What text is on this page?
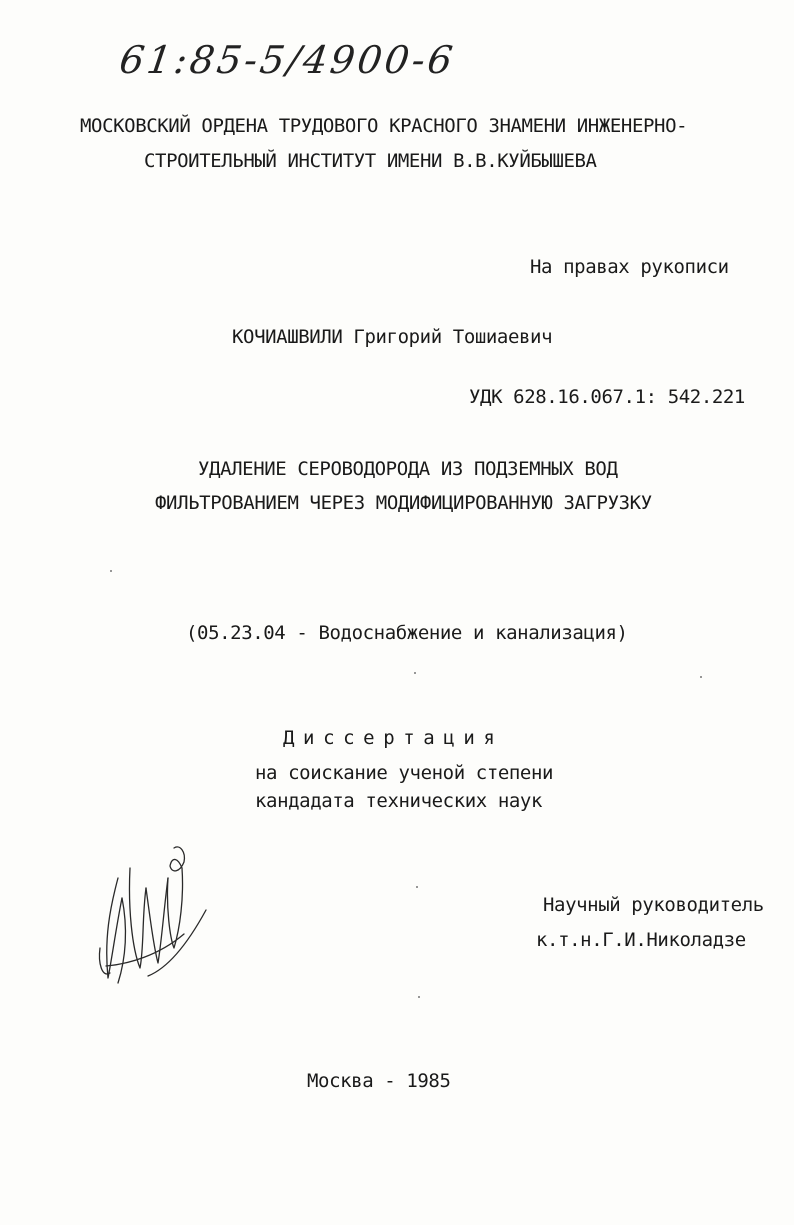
61:85-5/4900-6
МОСКОВСКИЙ ОРДЕНА ТРУДОВОГО КРАСНОГО ЗНАМЕНИ ИНЖЕНЕРНО-
СТРОИТЕЛЬНЫЙ ИНСТИТУТ ИМЕНИ В.В.КУЙБЫШЕВА
На правах рукописи
КОЧИАШВИЛИ Григорий Тошиаевич
УДК 628.16.067.1: 542.221
УДАЛЕНИЕ СЕРОВОДОРОДА ИЗ ПОДЗЕМНЫХ ВОД
ФИЛЬТРОВАНИЕМ ЧЕРЕЗ МОДИФИЦИРОВАННУЮ ЗАГРУЗКУ
(05.23.04 - Водоснабжение и канализация)
Диссертация
на соискание ученой степени
кандадата технических наук
Научный руководитель
к.т.н.Г.И.Николадзе
Москва - 1985
